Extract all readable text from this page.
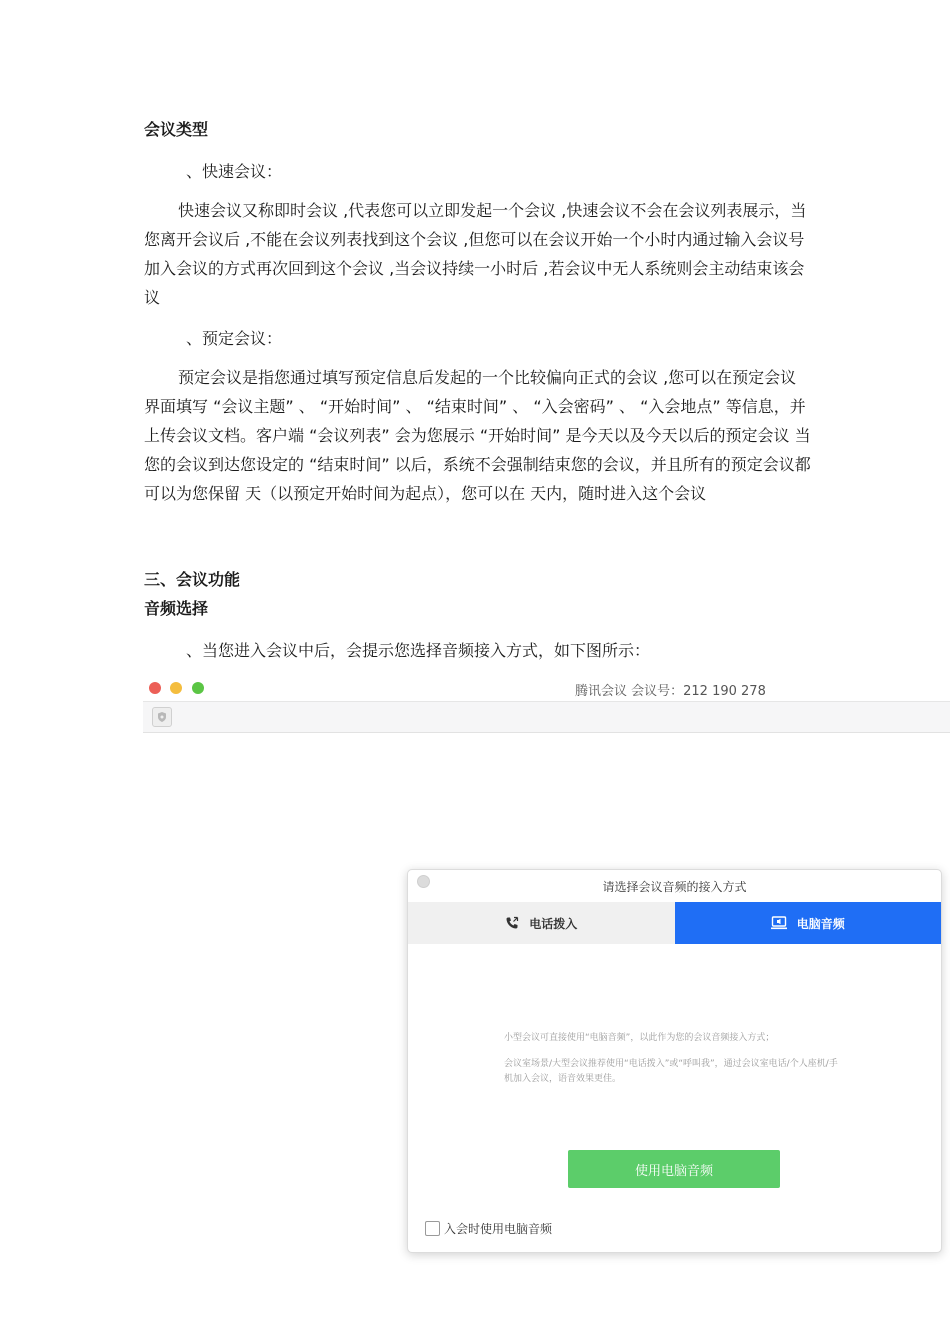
会议类型
、快速会议：

快速会议又称即时会议 ,代表您可以立即发起一个会议 ,快速会议不会在会议列表展示，当您离开会议后 ,不能在会议列表找到这个会议 ,但您可以在会议开始一个小时内通过输入会议号加入会议的方式再次回到这个会议 ,当会议持续一小时后 ,若会议中无人系统则会主动结束该会议

、预定会议：

预定会议是指您通过填写预定信息后发起的一个比较偏向正式的会议 ,您可以在预定会议界面填写 “会议主题” 、 “开始时间” 、 “结束时间” 、 “入会密码” 、 “入会地点” 等信息，并上传会议文档。客户端 “会议列表” 会为您展示 “开始时间” 是今天以及今天以后的预定会议 当您的会议到达您设定的 “结束时间” 以后，系统不会强制结束您的会议，并且所有的预定会议都可以为您保留 天（以预定开始时间为起点），您可以在 天内，随时进入这个会议

三、会议功能
音频选择
、当您进入会议中后，会提示您选择音频接入方式，如下图所示：
腾讯会议 会议号：212 190 278
请选择会议音频的接入方式
电话拨入	电脑音频
小型会议可直接使用“电脑音频”，以此作为您的会议音频接入方式；
会议室场景/大型会议推荐使用“电话拨入”或“呼叫我”，通过会议室电话/个人座机/手机加入会议，语音效果更佳。
使用电脑音频
入会时使用电脑音频
